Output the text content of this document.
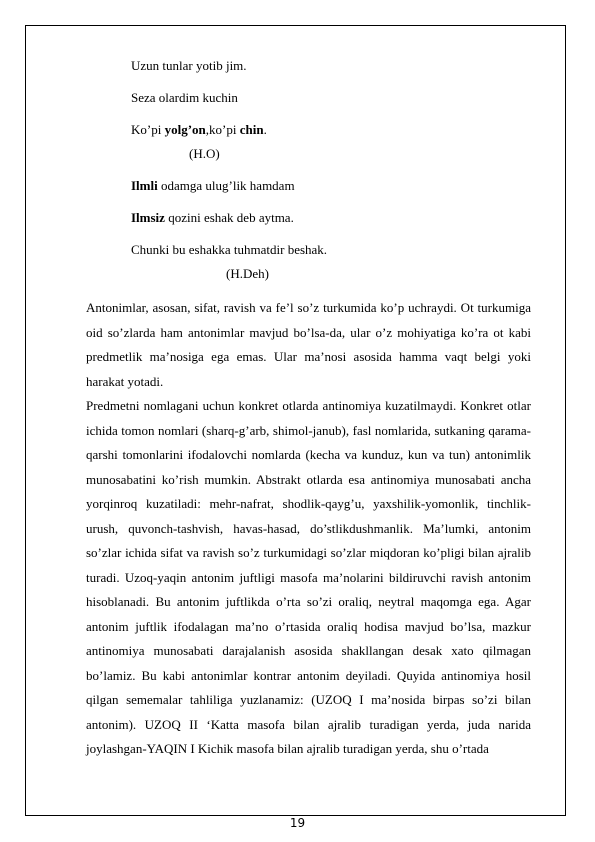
Uzun tunlar yotib jim.
Seza olardim kuchin
Ko’pi yolg’on,ko’pi chin.
(H.O)
Ilmli odamga ulug’lik hamdam
Ilmsiz qozini eshak deb aytma.
Chunki bu eshakka tuhmatdir beshak.
(H.Deh)

Antonimlar, asosan, sifat, ravish va fe’l so’z turkumida ko’p uchraydi. Ot turkumiga oid so’zlarda ham antonimlar mavjud bo’lsa-da, ular o’z mohiyatiga ko’ra ot kabi predmetlik ma’nosiga ega emas. Ular ma’nosi asosida hamma vaqt belgi yoki harakat yotadi.

Predmetni nomlagani uchun konkret otlarda antinomiya kuzatilmaydi. Konkret otlar ichida tomon nomlari (sharq-g’arb, shimol-janub), fasl nomlarida, sutkaning qarama-qarshi tomonlarini ifodalovchi nomlarda (kecha va kunduz, kun va tun) antonimlik munosabatini ko’rish mumkin. Abstrakt otlarda esa antinomiya munosabati ancha yorqinroq kuzatiladi: mehr-nafrat, shodlik-qayg’u, yaxshilik-yomonlik, tinchlik-urush, quvonch-tashvish, havas-hasad, do’stlikdushmanlik. Ma’lumki, antonim so’zlar ichida sifat va ravish so’z turkumidagi so’zlar miqdoran ko’pligi bilan ajralib turadi. Uzoq-yaqin antonim juftligi masofa ma’nolarini bildiruvchi ravish antonim hisoblanadi. Bu antonim juftlikda o’rta so’zi oraliq, neytral maqomga ega. Agar antonim juftlik ifodalagan ma’no o’rtasida oraliq hodisa mavjud bo’lsa, mazkur antinomiya munosabati darajalanish asosida shakllangan desak xato qilmagan bo’lamiz. Bu kabi antonimlar kontrar antonim deyiladi. Quyida antinomiya hosil qilgan sememalar tahliliga yuzlanamiz: (UZOQ I ma’nosida birpas so’zi bilan antonim). UZOQ II ‘Katta masofa bilan ajralib turadigan yerda, juda narida joylashgan-YAQIN I Kichik masofa bilan ajralib turadigan yerda, shu o’rtada

19
